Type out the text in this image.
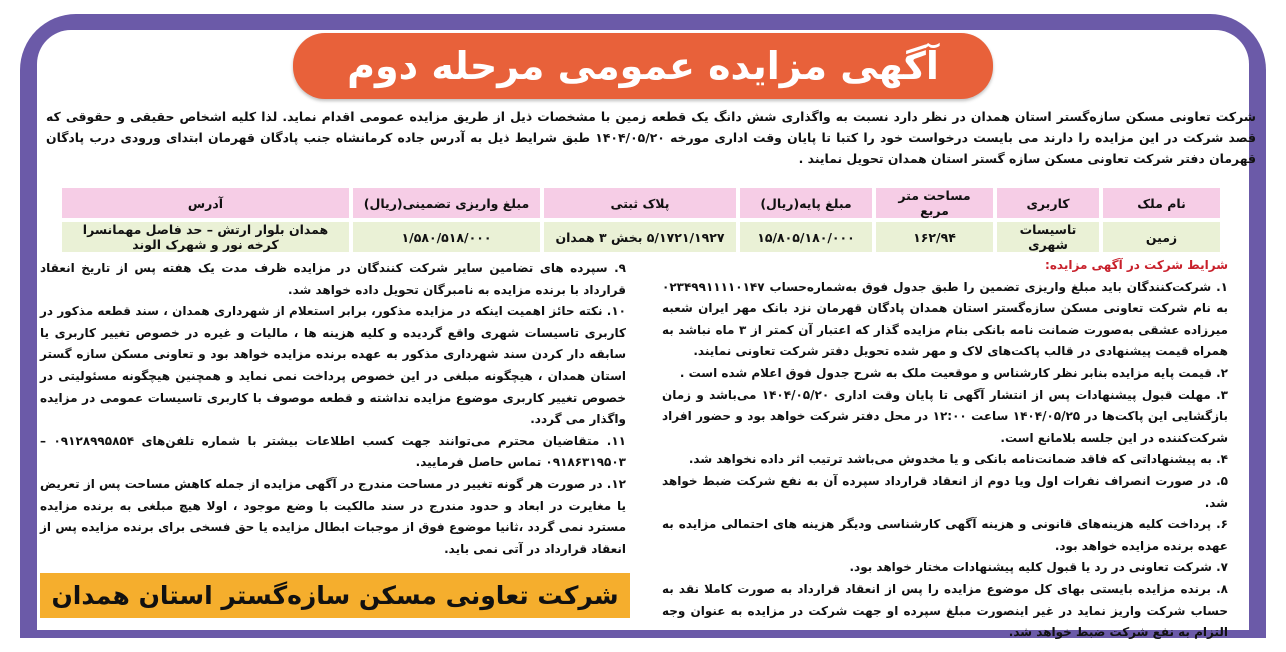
آگهی مزایده عمومی مرحله دوم
شرکت تعاونی مسکن سازه‌گستر استان همدان در نظر دارد نسبت به واگذاری شش دانگ یک قطعه زمین با مشخصات ذیل از طریق مزایده عمومی اقدام نماید. لذا کلیه اشخاص حقیقی و حقوقی که قصد شرکت در این مزایده را دارند می بایست درخواست خود را کتبا تا پایان وقت اداری مورخه ۱۴۰۴/۰۵/۲۰ طبق شرایط ذیل به آدرس جاده کرمانشاه جنب پادگان قهرمان ابتدای ورودی درب پادگان قهرمان دفتر شرکت تعاونی مسکن سازه گستر استان همدان تحویل نمایند .
نام ملک	کاربری	مساحت متر مربع	مبلغ پایه(ریال)	پلاک ثبتی	مبلغ واریزی تضمینی(ریال)	آدرس
زمین	تاسیسات شهری	۱۶۲/۹۴	۱۵/۸۰۵/۱۸۰/۰۰۰	۵/۱۷۲۱/۱۹۲۷ بخش ۳ همدان	۱/۵۸۰/۵۱۸/۰۰۰	همدان بلوار ارتش – حد فاصل مهمانسرا کرخه نور و شهرک الوند

شرایط شرکت در آگهی مزایده:

۱. شرکت‌کنندگان باید مبلغ واریزی تضمین را طبق جدول فوق به‌شماره‌حساب ۰۲۳۴۹۹۱۱۱۱۰۱۴۷ به نام شرکت تعاونی مسکن سازه‌گستر استان همدان پادگان قهرمان نزد بانک مهر ایران شعبه میرزاده عشقی به‌صورت ضمانت نامه بانکی بنام مزایده گذار که اعتبار آن کمتر از ۳ ماه نباشد به همراه قیمت پیشنهادی در قالب پاکت‌های لاک و مهر شده تحویل دفتر شرکت تعاونی نمایند.

۲. قیمت پایه مزایده بنابر نظر کارشناس و موقعیت ملک به شرح جدول فوق اعلام شده است .

۳. مهلت قبول پیشنهادات پس از انتشار آگهی تا پایان وقت اداری ۱۴۰۴/۰۵/۲۰ می‌باشد و زمان بازگشایی این پاکت‌ها در ۱۴۰۴/۰۵/۲۵ ساعت ۱۲:۰۰ در محل دفتر شرکت خواهد بود و حضور افراد شرکت‌کننده در این جلسه بلامانع است.

۴. به پیشنهاداتی که فاقد ضمانت‌نامه بانکی و یا مخدوش می‌باشد ترتیب اثر داده نخواهد شد.

۵. در صورت انصراف نفرات اول ویا دوم از انعقاد قرارداد سپرده آن به نفع شرکت ضبط خواهد شد.

۶. پرداخت کلیه هزینه‌های قانونی و هزینه آگهی کارشناسی ودیگر هزینه های احتمالی مزایده به عهده برنده مزایده خواهد بود.

۷. شرکت تعاونی در رد یا قبول کلیه پیشنهادات مختار خواهد بود.

۸. برنده مزایده بایستی بهای کل موضوع مزایده را پس از انعقاد قرارداد به صورت کاملا نقد به حساب شرکت واریز نماید در غیر اینصورت مبلغ سپرده او جهت شرکت در مزایده به عنوان وجه التزام به نفع شرکت ضبط خواهد شد.

۹. سپرده های تضامین سایر شرکت کنندگان در مزایده ظرف مدت یک هفته پس از تاریخ انعقاد قرارداد با برنده مزایده به نامبرگان تحویل داده خواهد شد.

۱۰. نکته حائز اهمیت اینکه در مزایده مذکور، برابر استعلام از شهرداری همدان ، سند قطعه مذکور در کاربری تاسیسات شهری واقع گردیده و کلیه هزینه ها ، مالیات و غیره در خصوص تغییر کاربری یا سابقه دار کردن سند شهرداری مذکور به عهده برنده مزایده خواهد بود و تعاونی مسکن سازه گستر استان همدان ، هیچگونه مبلغی در این خصوص پرداخت نمی نماید و همچنین هیچگونه مسئولیتی در خصوص تغییر کاربری موضوع مزایده نداشته و قطعه موصوف با کاربری تاسیسات عمومی در مزایده واگذار می گردد.

۱۱. متقاضیان محترم می‌توانند جهت کسب اطلاعات بیشتر با شماره تلفن‌های ۰۹۱۲۸۹۹۵۸۵۴ – ۰۹۱۸۶۳۱۹۵۰۳ تماس حاصل فرمایید.

۱۲. در صورت هر گونه تغییر در مساحت مندرج در آگهی مزایده از جمله کاهش مساحت پس از تعریض یا مغایرت در ابعاد و حدود مندرج در سند مالکیت با وضع موجود ، اولا هیچ مبلغی به برنده مزایده مسترد نمی گردد ،ثانیا موضوع فوق از موجبات ابطال مزایده یا حق فسخی برای برنده مزایده پس از انعقاد قرارداد در آتی نمی باید.

شرکت تعاونی مسکن سازه‌گستر استان همدان
